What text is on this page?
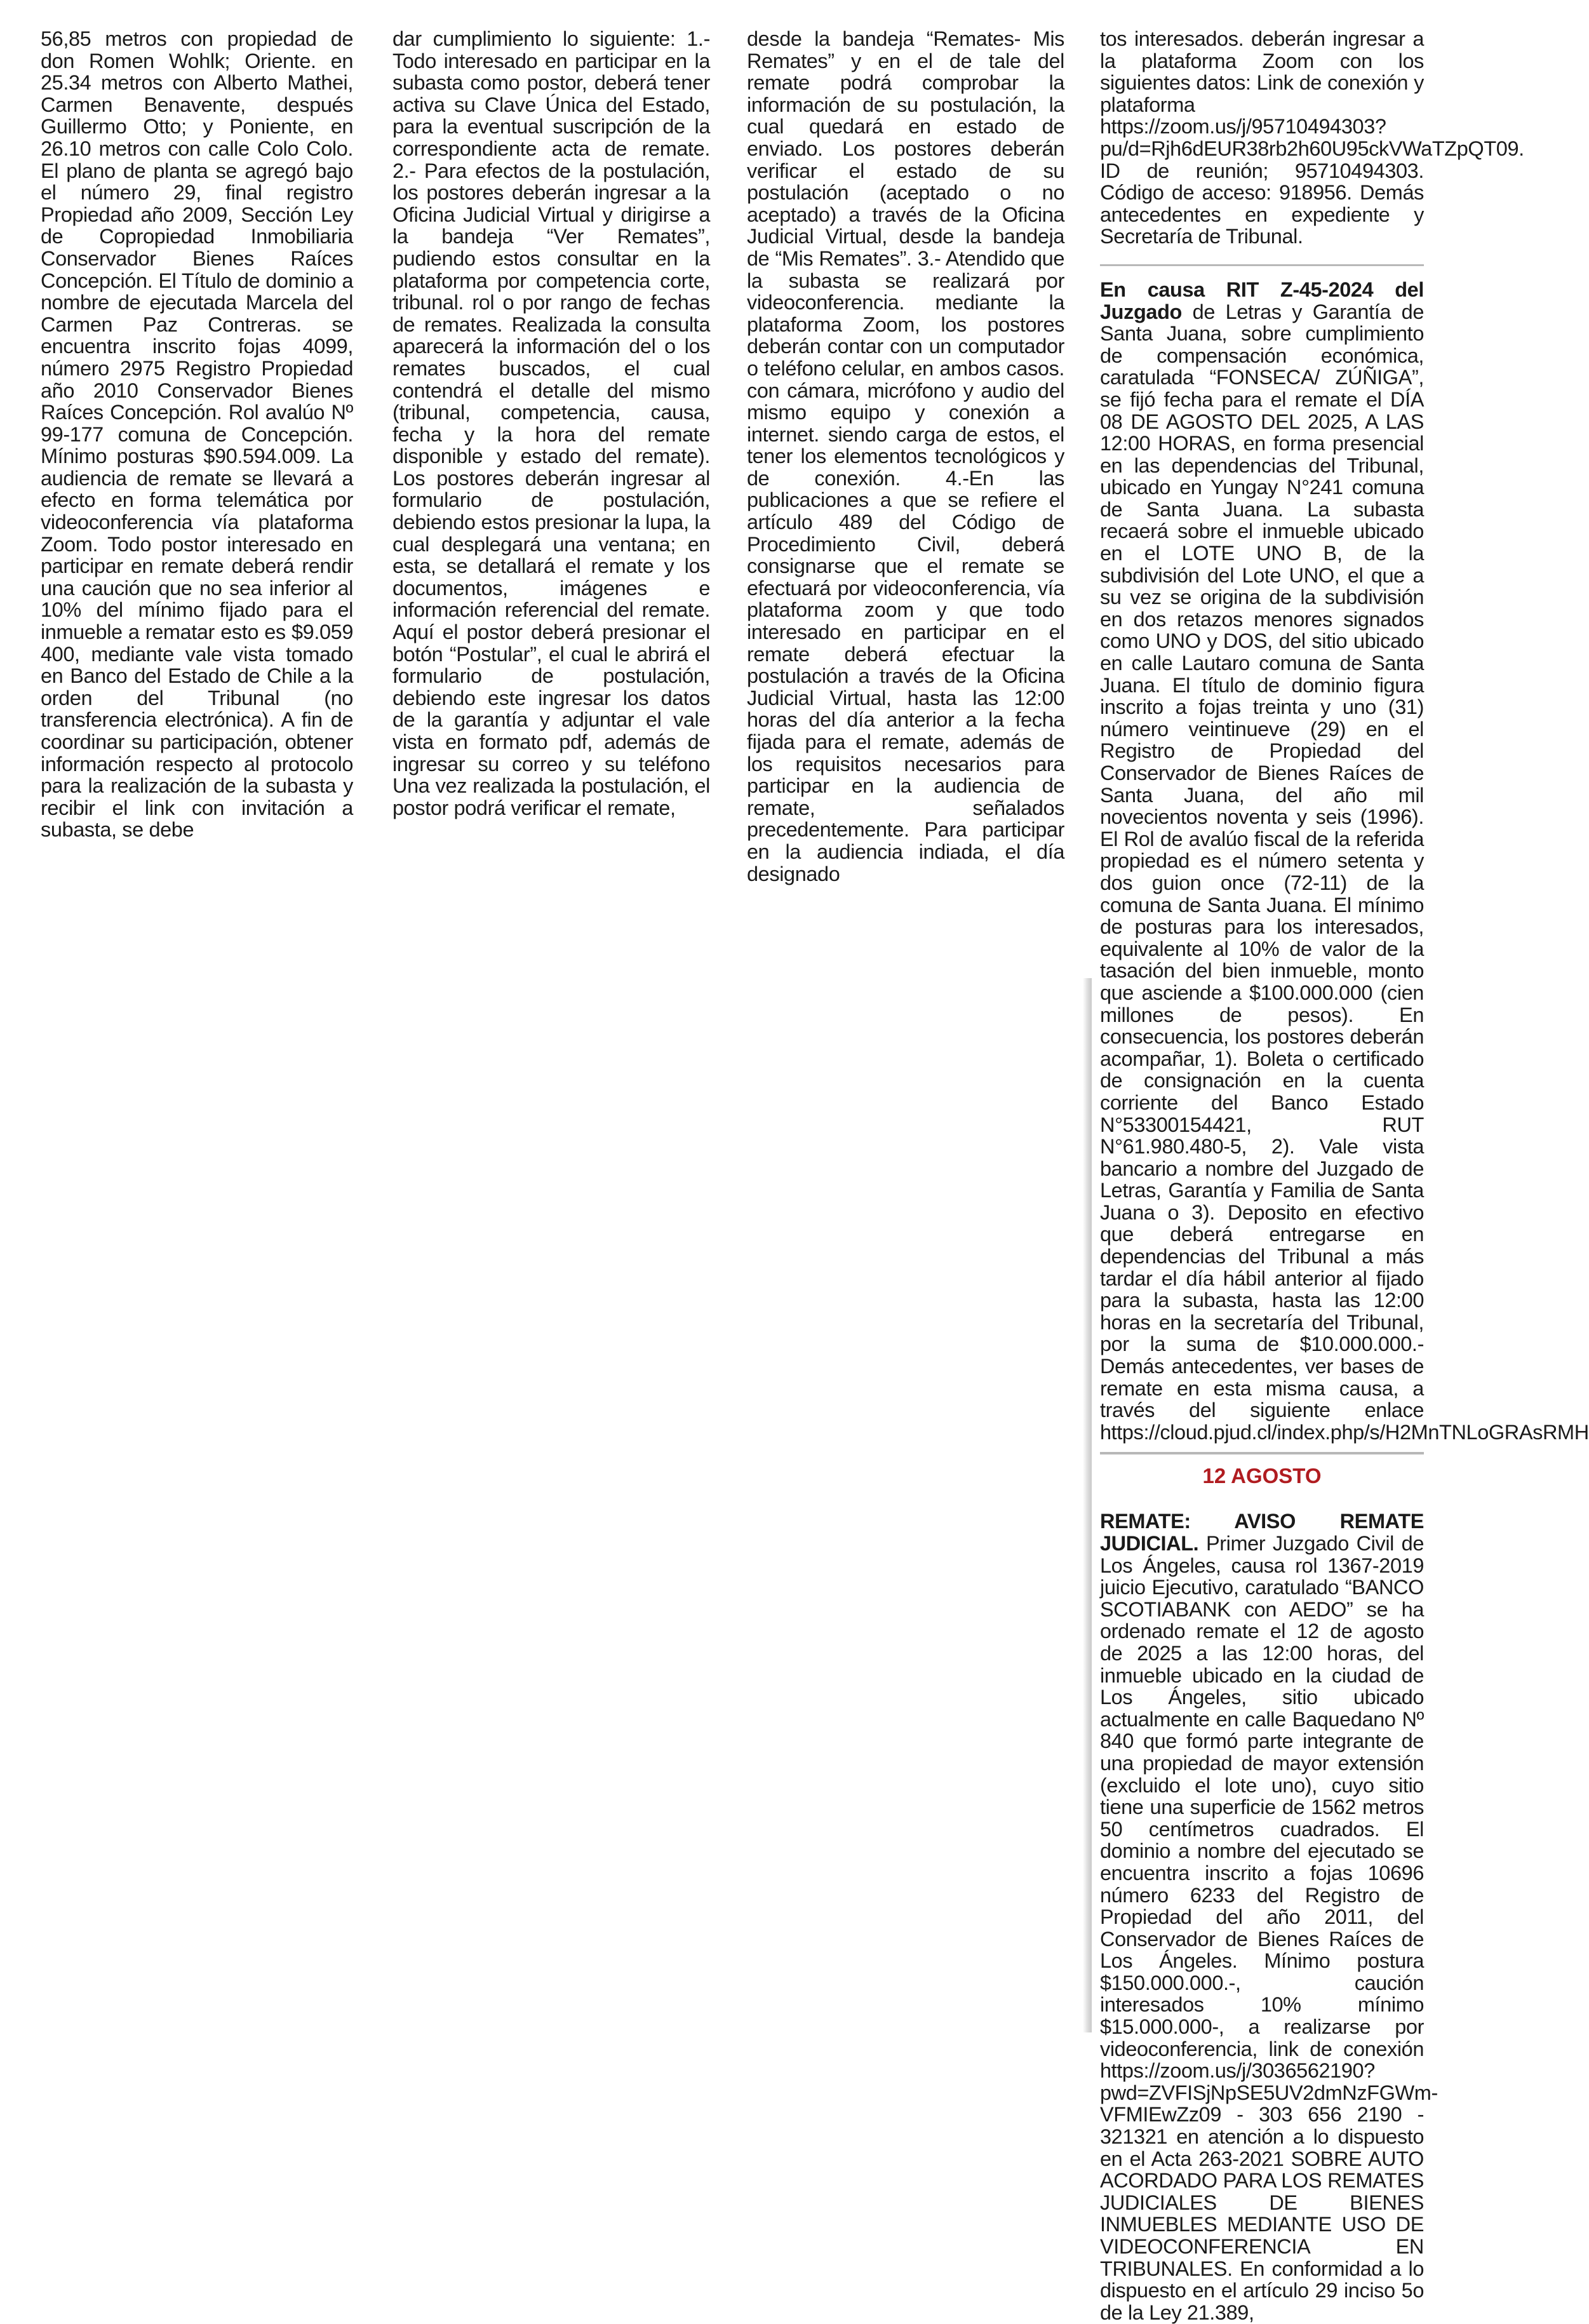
56,85 metros con propiedad de don Romen Wohlk; Oriente. en 25.34 metros con Alberto Mathei, Carmen Benavente, después Guillermo Otto; y Poniente, en 26.10 metros con calle Colo Colo. El plano de planta se agregó bajo el número 29, final registro Propiedad año 2009, Sección Ley de Copropiedad Inmobiliaria Conservador Bienes Raíces Concepción. El Título de dominio a nombre de ejecutada Marcela del Carmen Paz Contreras. se encuentra inscrito fojas 4099, número 2975 Registro Propiedad año 2010 Conservador Bienes Raíces Concepción. Rol avalúo Nº 99-177 comuna de Concepción. Mínimo posturas $90.594.009. La audiencia de remate se llevará a efecto en forma telemática por videoconferencia vía plataforma Zoom. Todo postor interesado en participar en remate deberá rendir una caución que no sea inferior al 10% del mínimo fijado para el inmueble a rematar esto es $9.059 400, mediante vale vista tomado en Banco del Estado de Chile a la orden del Tribunal (no transferencia electrónica). A fin de coordinar su participación, obtener información respecto al protocolo para la realización de la subasta y recibir el link con invitación a subasta, se debe

dar cumplimiento lo siguiente: 1.- Todo interesado en participar en la subasta como postor, deberá tener activa su Clave Única del Estado, para la eventual suscripción de la correspondiente acta de remate. 2.- Para efectos de la postulación, los postores deberán ingresar a la Oficina Judicial Virtual y dirigirse a la bandeja “Ver Remates”, pudiendo estos consultar en la plataforma por competencia corte, tribunal. rol o por rango de fechas de remates. Realizada la consulta aparecerá la información del o los remates buscados, el cual contendrá el detalle del mismo (tribunal, competencia, causa, fecha y la hora del remate disponible y estado del remate). Los postores deberán ingresar al formulario de postulación, debiendo estos presionar la lupa, la cual desplegará una ventana; en esta, se detallará el remate y los documentos, imágenes e información referencial del remate. Aquí el postor deberá presionar el botón “Postular”, el cual le abrirá el formulario de postulación, debiendo este ingresar los datos de la garantía y adjuntar el vale vista en formato pdf, además de ingresar su correo y su teléfono Una vez realizada la postulación, el postor podrá verificar el remate,

desde la bandeja “Remates- Mis Remates” y en el de tale del remate podrá comprobar la información de su postulación, la cual quedará en estado de enviado. Los postores deberán verificar el estado de su postulación (aceptado o no aceptado) a través de la Oficina Judicial Virtual, desde la bandeja de “Mis Remates”. 3.- Atendido que la subasta se realizará por videoconferencia. mediante la plataforma Zoom, los postores deberán contar con un computador o teléfono celular, en ambos casos. con cámara, micrófono y audio del mismo equipo y conexión a internet. siendo carga de estos, el tener los elementos tecnológicos y de conexión. 4.-En las publicaciones a que se refiere el artículo 489 del Código de Procedimiento Civil, deberá consignarse que el remate se efectuará por videoconferencia, vía plataforma zoom y que todo interesado en participar en el remate deberá efectuar la postulación a través de la Oficina Judicial Virtual, hasta las 12:00 horas del día anterior a la fecha fijada para el remate, además de los requisitos necesarios para participar en la audiencia de remate, señalados precedentemente. Para participar en la audiencia indiada, el día designado

tos interesados. deberán ingresar a la plataforma Zoom con los siguientes datos: Link de conexión y plataforma https://zoom.us/j/95710494303?pu/d=Rjh6dEUR38rb2h60U95ckVWaTZpQT09. ID de reunión; 95710494303. Código de acceso: 918956. Demás antecedentes en expediente y Secretaría de Tribunal.

En causa RIT Z-45-2024 del Juzgado de Letras y Garantía de Santa Juana, sobre cumplimiento de compensación económica, caratulada “FONSECA/ ZÚÑIGA”, se fijó fecha para el remate el DÍA 08 DE AGOSTO DEL 2025, A LAS 12:00 HORAS, en forma presencial en las dependencias del Tribunal, ubicado en Yungay N°241 comuna de Santa Juana. La subasta recaerá sobre el inmueble ubicado en el LOTE UNO B, de la subdivisión del Lote UNO, el que a su vez se origina de la subdivisión en dos retazos menores signados como UNO y DOS, del sitio ubicado en calle Lautaro comuna de Santa Juana. El título de dominio figura inscrito a fojas treinta y uno (31) número veintinueve (29) en el Registro de Propiedad del Conservador de Bienes Raíces de Santa Juana, del año mil novecientos noventa y seis (1996). El Rol de avalúo fiscal de la referida propiedad es el número setenta y dos guion once (72-11) de la comuna de Santa Juana. El mínimo de posturas para los interesados, equivalente al 10% de valor de la tasación del bien inmueble, monto que asciende a $100.000.000 (cien millones de pesos). En consecuencia, los postores deberán acompañar, 1). Boleta o certificado de consignación en la cuenta corriente del Banco Estado N°53300154421, RUT N°61.980.480-5, 2). Vale vista bancario a nombre del Juzgado de Letras, Garantía y Familia de Santa Juana o 3). Deposito en efectivo que deberá entregarse en dependencias del Tribunal a más tardar el día hábil anterior al fijado para la subasta, hasta las 12:00 horas en la secretaría del Tribunal, por la suma de $10.000.000.- Demás antecedentes, ver bases de remate en esta misma causa, a través del siguiente enlace https://cloud.pjud.cl/index.php/s/H2MnTNLoGRAsRMH

12 AGOSTO

REMATE: AVISO REMATE JUDICIAL. Primer Juzgado Civil de Los Ángeles, causa rol 1367-2019 juicio Ejecutivo, caratulado “BANCO SCOTIABANK con AEDO” se ha ordenado remate el 12 de agosto de 2025 a las 12:00 horas, del inmueble ubicado en la ciudad de Los Ángeles, sitio ubicado actualmente en calle Baquedano Nº 840 que formó parte integrante de una propiedad de mayor extensión (excluido el lote uno), cuyo sitio tiene una superficie de 1562 metros 50 centímetros cuadrados. El dominio a nombre del ejecutado se encuentra inscrito a fojas 10696 número 6233 del Registro de Propiedad del año 2011, del Conservador de Bienes Raíces de Los Ángeles. Mínimo postura $150.000.000.-, caución interesados 10% mínimo $15.000.000-, a realizarse por videoconferencia, link de conexión https://zoom.us/j/3036562190?pwd=ZVFISjNpSE5UV2dmNzFGWm-VFMIEwZz09 - 303 656 2190 - 321321 en atención a lo dispuesto en el Acta 263-2021 SOBRE AUTO ACORDADO PARA LOS REMATES JUDICIALES DE BIENES INMUEBLES MEDIANTE USO DE VIDEOCONFERENCIA EN TRIBUNALES. En conformidad a lo dispuesto en el artículo 29 inciso 5o de la Ley 21.389,
